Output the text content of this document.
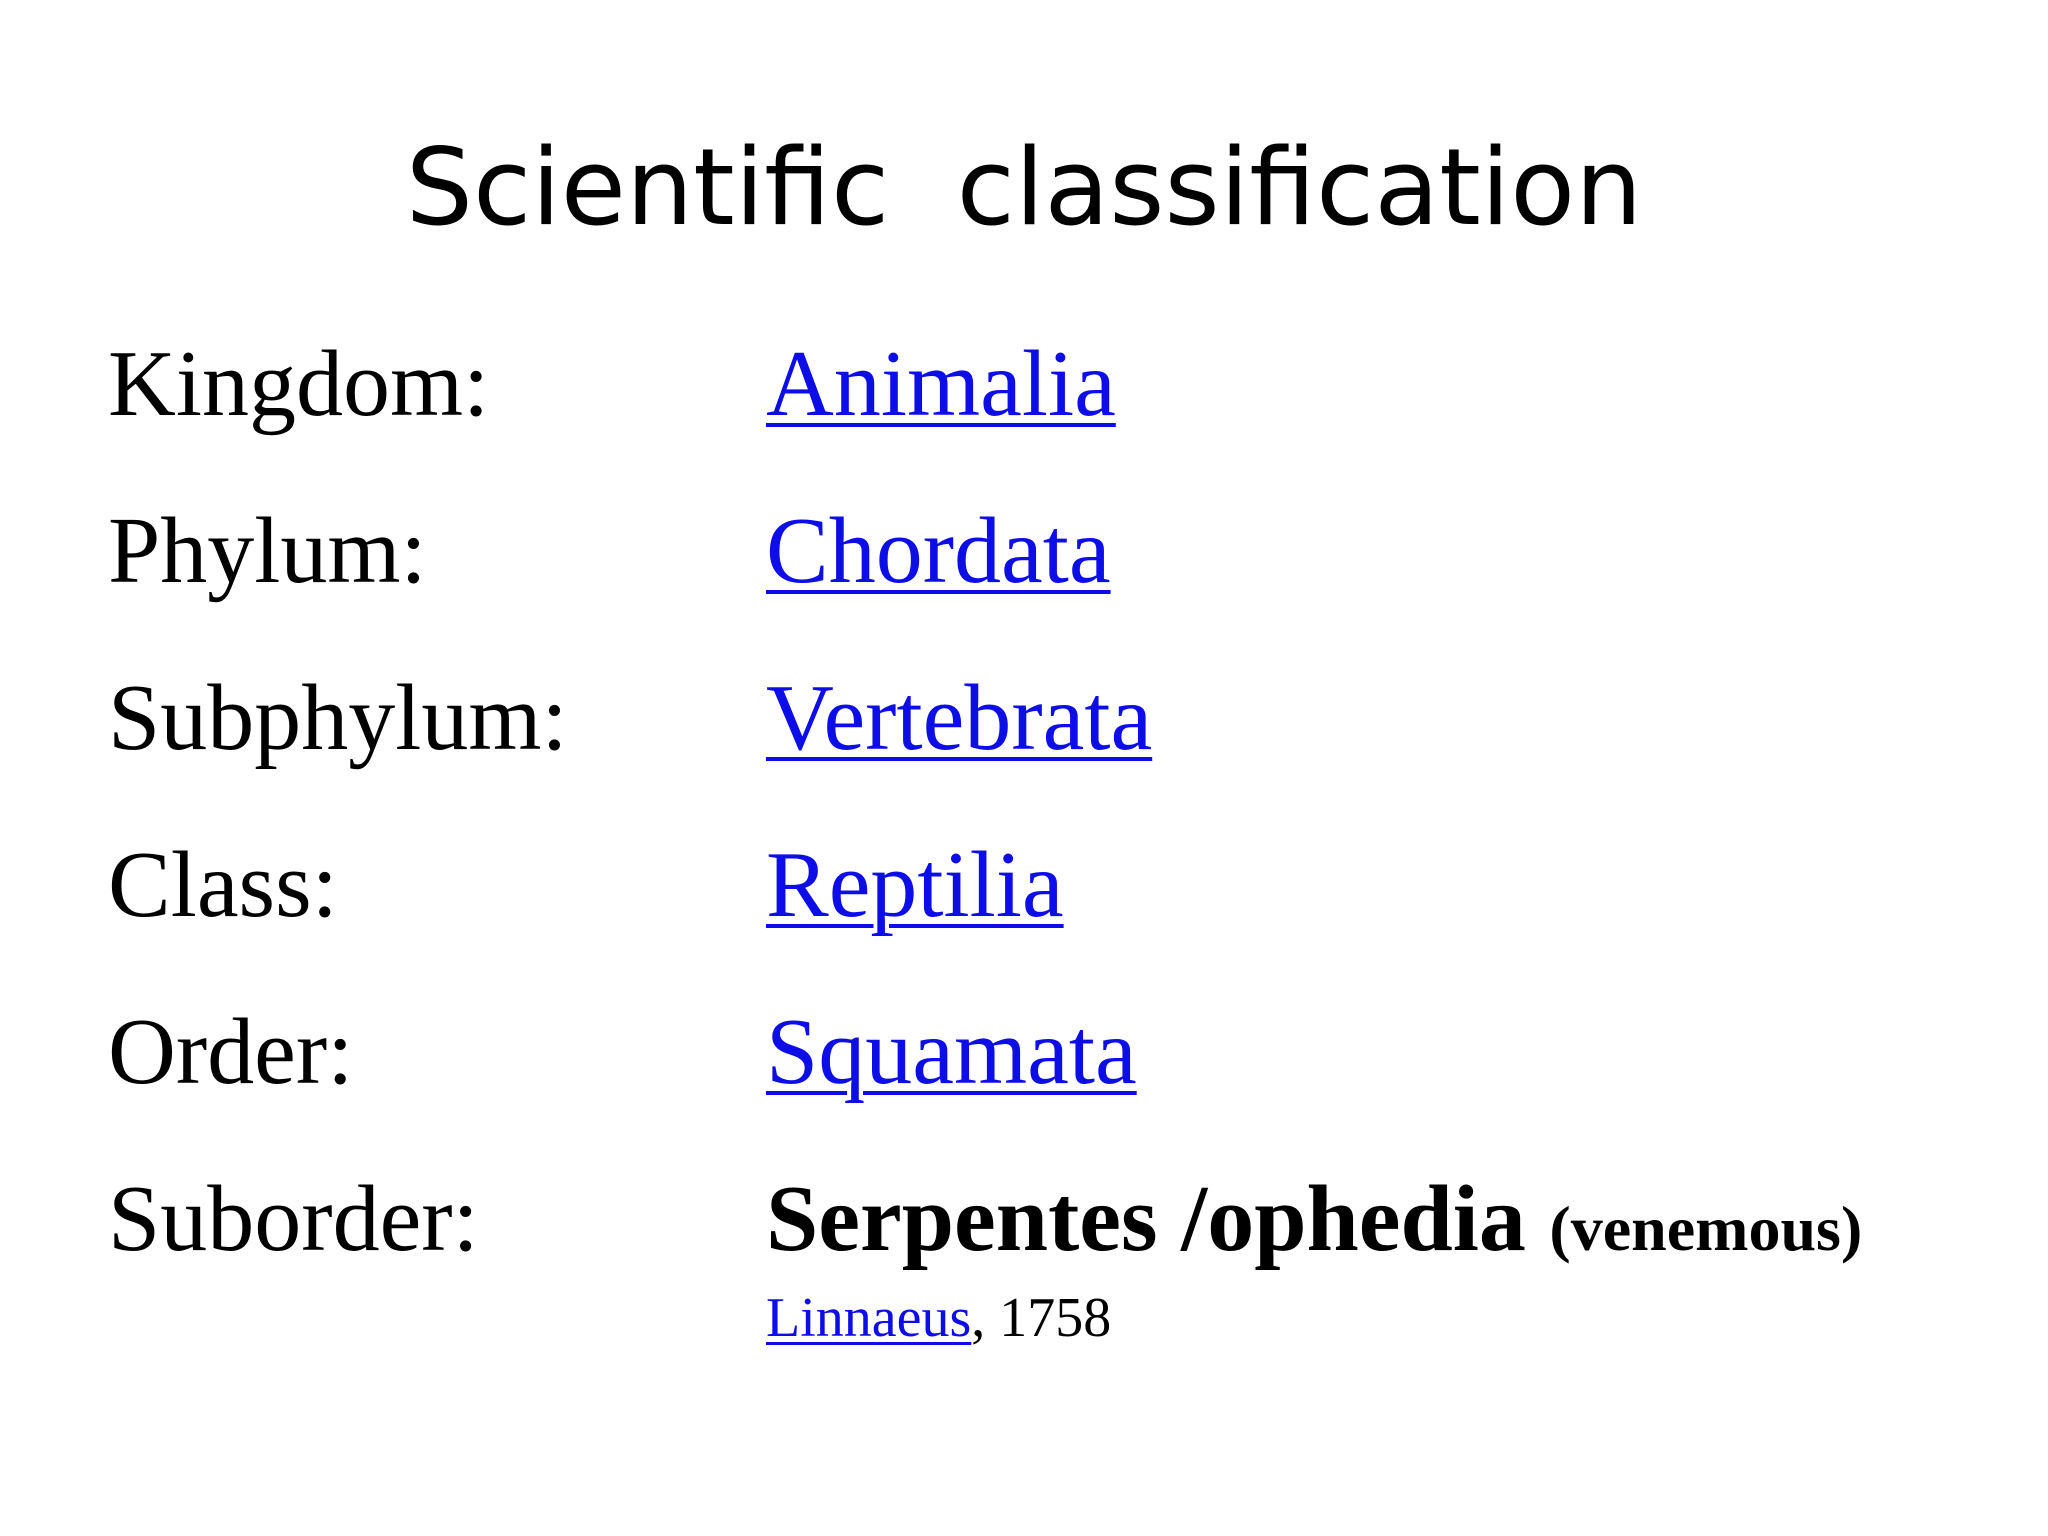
Scientific  classification
Kingdom:	Animalia
Phylum:	Chordata
Subphylum: Vertebrata
Class:	Reptilia
Order:	Squamata
Suborder:	Serpentes /ophedia (venemous)
Linnaeus, 1758
